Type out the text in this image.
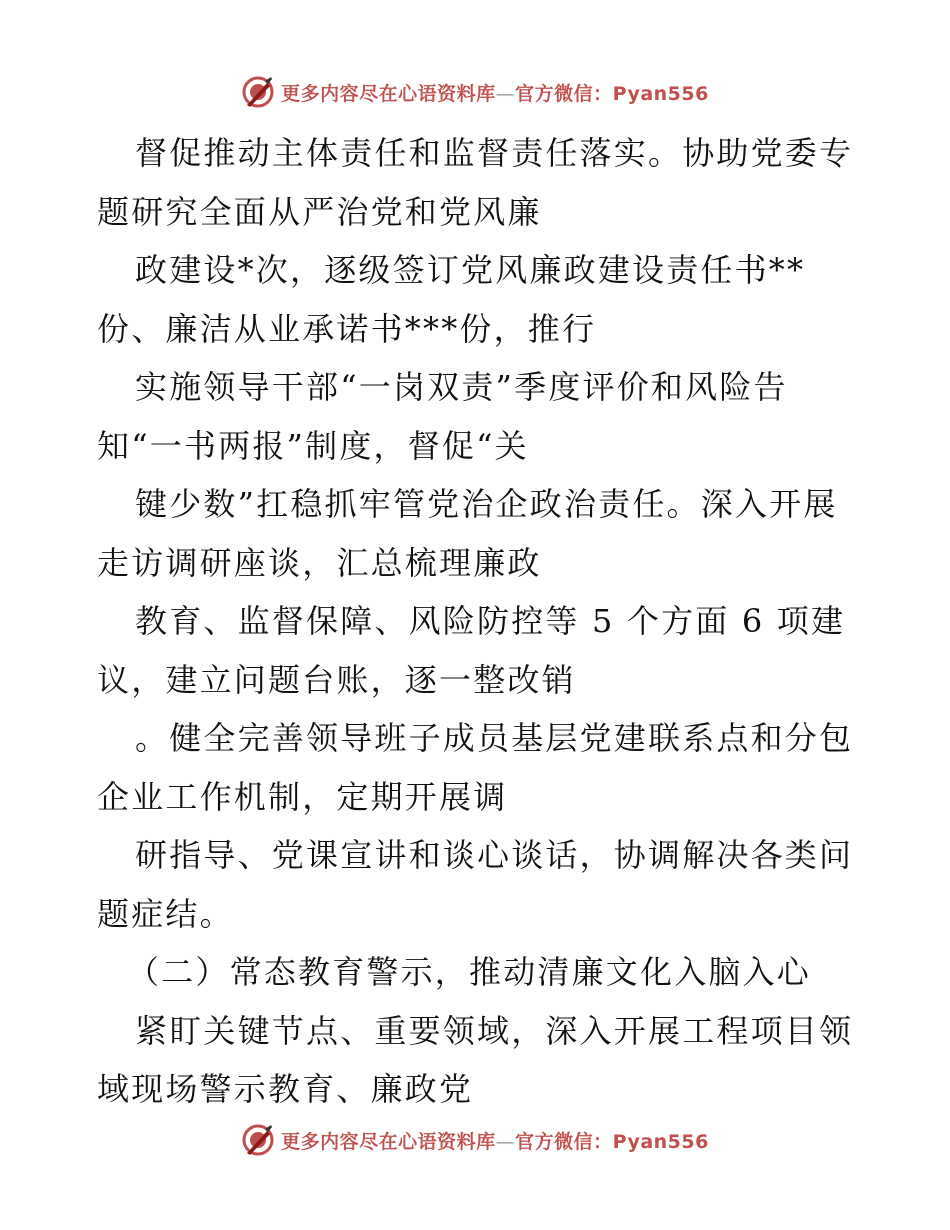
更多内容尽在心语资料库—官方微信：Pyan556
督促推动主体责任和监督责任落实。协助党委专
题研究全面从严治党和党风廉
政建设*次，逐级签订党风廉政建设责任书**
份、廉洁从业承诺书***份，推行
实施领导干部“一岗双责”季度评价和风险告
知“一书两报”制度，督促“关
键少数”扛稳抓牢管党治企政治责任。深入开展
走访调研座谈，汇总梳理廉政
教育、监督保障、风险防控等 5 个方面 6 项建
议，建立问题台账，逐一整改销
。健全完善领导班子成员基层党建联系点和分包
企业工作机制，定期开展调
研指导、党课宣讲和谈心谈话，协调解决各类问
题症结。
（二）常态教育警示，推动清廉文化入脑入心
紧盯关键节点、重要领域，深入开展工程项目领
域现场警示教育、廉政党
更多内容尽在心语资料库—官方微信：Pyan556
